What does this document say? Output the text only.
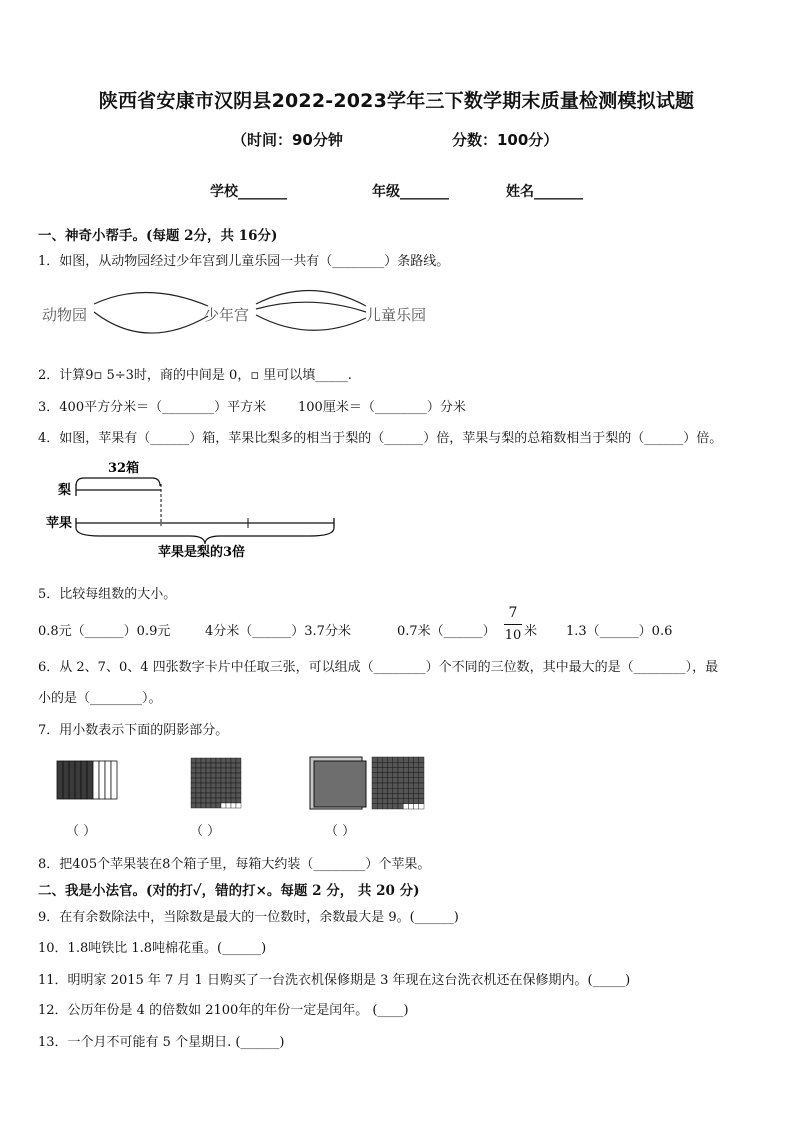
陕西省安康市汉阴县2022-2023学年三下数学期末质量检测模拟试题
（时间：90分钟	分数：100分）
学校_______	年级_______	姓名_______
一、神奇小帮手。(每题 2分，共 16分)
1．如图，从动物园经过少年宫到儿童乐园一共有（________）条路线。
动物园	少年宫	儿童乐园
2．计算9▫ 5÷3时，商的中间是 0，▫ 里可以填_____.
3．400平方分米＝（________）平方米 100厘米＝（________）分米
4．如图，苹果有（______）箱，苹果比梨多的相当于梨的（______）倍，苹果与梨的总箱数相当于梨的（______）倍。
32箱
梨
苹果
苹果是梨的3倍
5．比较每组数的大小。
0.8元（______）0.9元	4分米（______）3.7分米	0.7米（______）
7
10 米 1.3（______）0.6
6．从 2、7、0、4 四张数字卡片中任取三张，可以组成（________）个不同的三位数，其中最大的是（________），最
小的是（________）。
7．用小数表示下面的阴影部分。
（ ）	（ ）	（ ）
8．把405个苹果装在8个箱子里，每箱大约装（________）个苹果。
二、我是小法官。(对的打✓，错的打×。每题 2 分， 共 20 分)
9．在有余数除法中，当除数是最大的一位数时，余数最大是 9。(______)
10．1.8吨铁比 1.8吨棉花重。(______)
11．明明家 2015 年 7 月 1 日购买了一台洗衣机保修期是 3 年现在这台洗衣机还在保修期内。(_____)
12．公历年份是 4 的倍数如 2100年的年份一定是闰年。 (____)
13．一个月不可能有 5 个星期日. (______)
